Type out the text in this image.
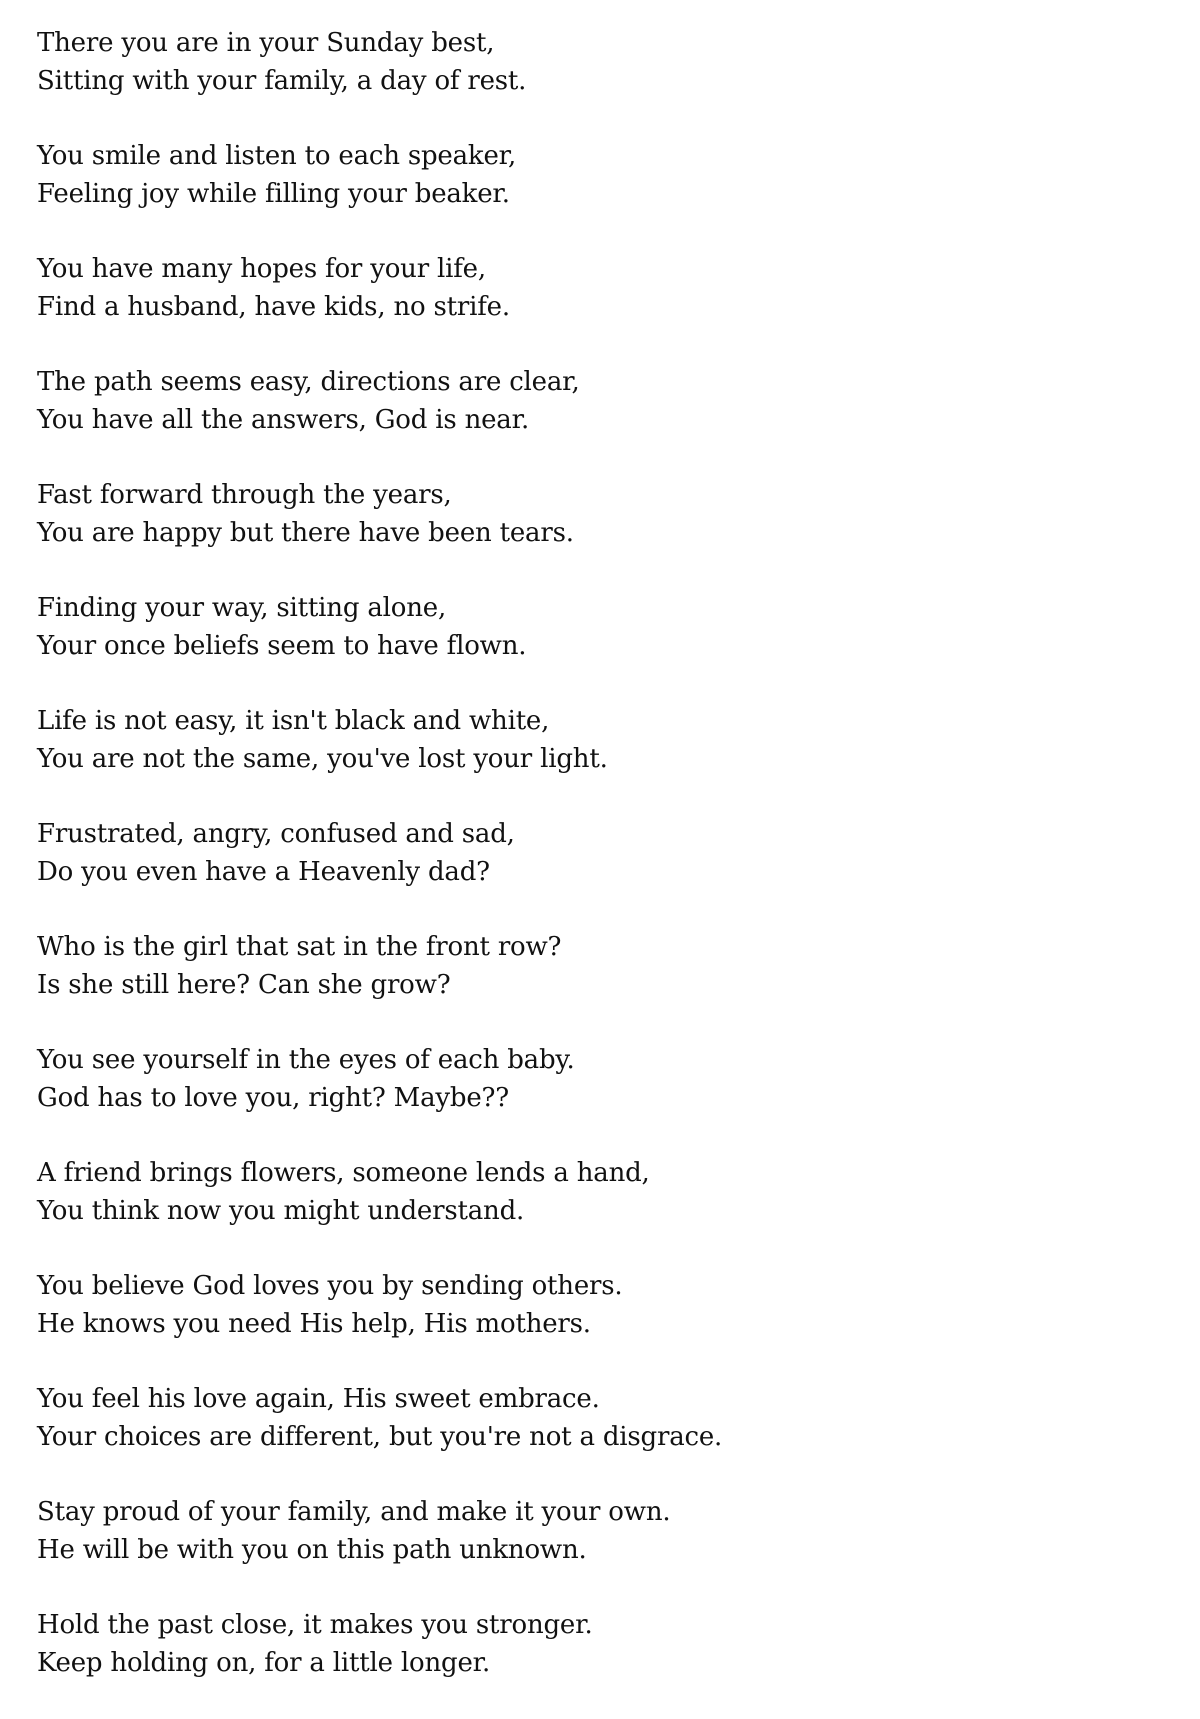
There you are in your Sunday best,
Sitting with your family, a day of rest.
You smile and listen to each speaker,
Feeling joy while filling your beaker.
You have many hopes for your life,
Find a husband, have kids, no strife.
The path seems easy, directions are clear,
You have all the answers, God is near.
Fast forward through the years,
You are happy but there have been tears.
Finding your way, sitting alone,
Your once beliefs seem to have flown.
Life is not easy, it isn't black and white,
You are not the same, you've lost your light.
Frustrated, angry, confused and sad,
Do you even have a Heavenly dad?
Who is the girl that sat in the front row?
Is she still here? Can she grow?
You see yourself in the eyes of each baby.
God has to love you, right? Maybe??
A friend brings flowers, someone lends a hand,
You think now you might understand.
You believe God loves you by sending others.
He knows you need His help, His mothers.
You feel his love again, His sweet embrace.
Your choices are different, but you're not a disgrace.
Stay proud of your family, and make it your own.
He will be with you on this path unknown.
Hold the past close, it makes you stronger.
Keep holding on, for a little longer.
